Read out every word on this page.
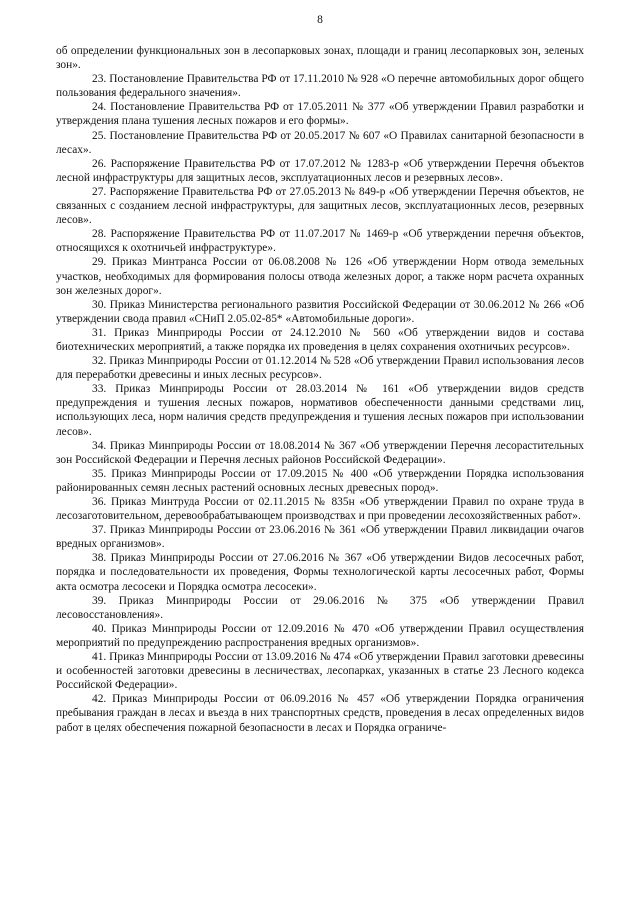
8

об определении функциональных зон в лесопарковых зонах, площади и границ лесопарковых зон, зеленых зон».

23. Постановление Правительства РФ от 17.11.2010 № 928 «О перечне автомобильных дорог общего пользования федерального значения».

24. Постановление Правительства РФ от 17.05.2011 № 377 «Об утверждении Правил разработки и утверждения плана тушения лесных пожаров и его формы».

25. Постановление Правительства РФ от 20.05.2017 № 607 «О Правилах санитарной безопасности в лесах».

26. Распоряжение Правительства РФ от 17.07.2012 № 1283-р «Об утверждении Перечня объектов лесной инфраструктуры для защитных лесов, эксплуатационных лесов и резервных лесов».

27. Распоряжение Правительства РФ от 27.05.2013 № 849-р «Об утверждении Перечня объектов, не связанных с созданием лесной инфраструктуры, для защитных лесов, эксплуатационных лесов, резервных лесов».

28. Распоряжение Правительства РФ от 11.07.2017 № 1469-р «Об утверждении перечня объектов, относящихся к охотничьей инфраструктуре».

29. Приказ Минтранса России от 06.08.2008 № 126 «Об утверждении Норм отвода земельных участков, необходимых для формирования полосы отвода железных дорог, а также норм расчета охранных зон железных дорог».

30. Приказ Министерства регионального развития Российской Федерации от 30.06.2012 № 266 «Об утверждении свода правил «СНиП 2.05.02-85* «Автомобильные дороги».

31. Приказ Минприроды России от 24.12.2010 № 560 «Об утверждении видов и состава биотехнических мероприятий, а также порядка их проведения в целях сохранения охотничьих ресурсов».

32. Приказ Минприроды России от 01.12.2014 № 528 «Об утверждении Правил использования лесов для переработки древесины и иных лесных ресурсов».

33. Приказ Минприроды России от 28.03.2014 № 161 «Об утверждении видов средств предупреждения и тушения лесных пожаров, нормативов обеспеченности данными средствами лиц, использующих леса, норм наличия средств предупреждения и тушения лесных пожаров при использовании лесов».

34. Приказ Минприроды России от 18.08.2014 № 367 «Об утверждении Перечня лесорастительных зон Российской Федерации и Перечня лесных районов Российской Федерации».

35. Приказ Минприроды России от 17.09.2015 № 400 «Об утверждении Порядка использования районированных семян лесных растений основных лесных древесных пород».

36. Приказ Минтруда России от 02.11.2015 № 835н «Об утверждении Правил по охране труда в лесозаготовительном, деревообрабатывающем производствах и при проведении лесохозяйственных работ».

37. Приказ Минприроды России от 23.06.2016 № 361 «Об утверждении Правил ликвидации очагов вредных организмов».

38. Приказ Минприроды России от 27.06.2016 № 367 «Об утверждении Видов лесосечных работ, порядка и последовательности их проведения, Формы технологической карты лесосечных работ, Формы акта осмотра лесосеки и Порядка осмотра лесосеки».

39. Приказ Минприроды России от 29.06.2016 № 375 «Об утверждении Правил лесовосстановления».

40. Приказ Минприроды России от 12.09.2016 № 470 «Об утверждении Правил осуществления мероприятий по предупреждению распространения вредных организмов».

41. Приказ Минприроды России от 13.09.2016 № 474 «Об утверждении Правил заготовки древесины и особенностей заготовки древесины в лесничествах, лесопарках, указанных в статье 23 Лесного кодекса Российской Федерации».

42. Приказ Минприроды России от 06.09.2016 № 457 «Об утверждении Порядка ограничения пребывания граждан в лесах и въезда в них транспортных средств, проведения в лесах определенных видов работ в целях обеспечения пожарной безопасности в лесах и Порядка ограниче-
